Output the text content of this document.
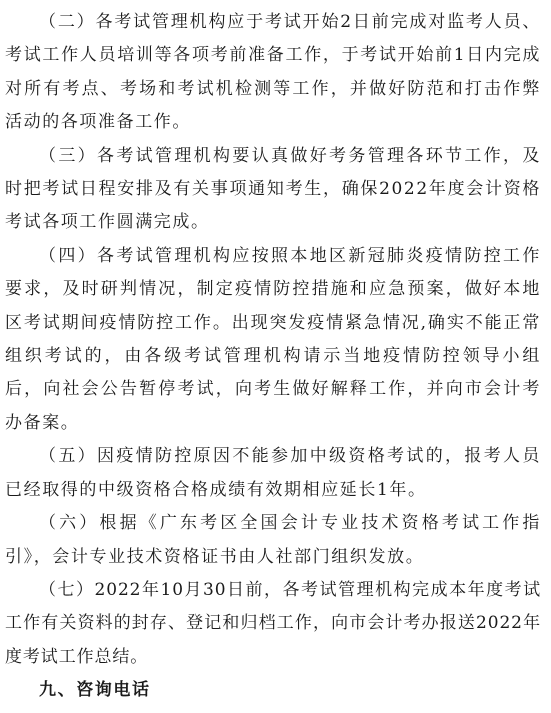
（二）各考试管理机构应于考试开始2日前完成对监考人员、考试工作人员培训等各项考前准备工作，于考试开始前1日内完成对所有考点、考场和考试机检测等工作，并做好防范和打击作弊活动的各项准备工作。

（三）各考试管理机构要认真做好考务管理各环节工作，及时把考试日程安排及有关事项通知考生，确保2022年度会计资格考试各项工作圆满完成。

（四）各考试管理机构应按照本地区新冠肺炎疫情防控工作要求，及时研判情况，制定疫情防控措施和应急预案，做好本地区考试期间疫情防控工作。出现突发疫情紧急情况,确实不能正常组织考试的，由各级考试管理机构请示当地疫情防控领导小组后，向社会公告暂停考试，向考生做好解释工作，并向市会计考办备案。

（五）因疫情防控原因不能参加中级资格考试的，报考人员已经取得的中级资格合格成绩有效期相应延长1年。

（六）根据《广东考区全国会计专业技术资格考试工作指引》，会计专业技术资格证书由人社部门组织发放。

（七）2022年10月30日前，各考试管理机构完成本年度考试工作有关资料的封存、登记和归档工作，向市会计考办报送2022年度考试工作总结。

九、咨询电话
